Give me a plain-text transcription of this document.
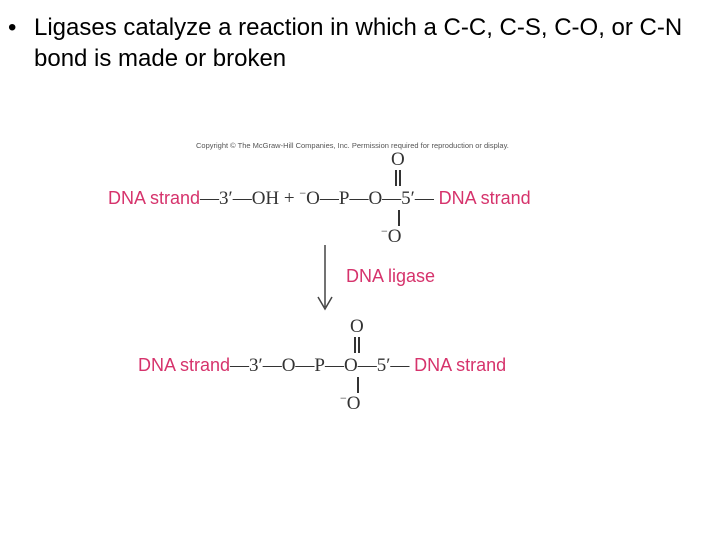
• Ligases catalyze a reaction in which a C-C, C-S, C-O, or C-N bond is made or broken
Copyright © The McGraw-Hill Companies, Inc. Permission required for reproduction or display.
O
DNA strand—3′—OH + −O—P—O—5′— DNA strand
−O
DNA ligase
O
DNA strand—3′—O—P—O—5′— DNA strand
−O
